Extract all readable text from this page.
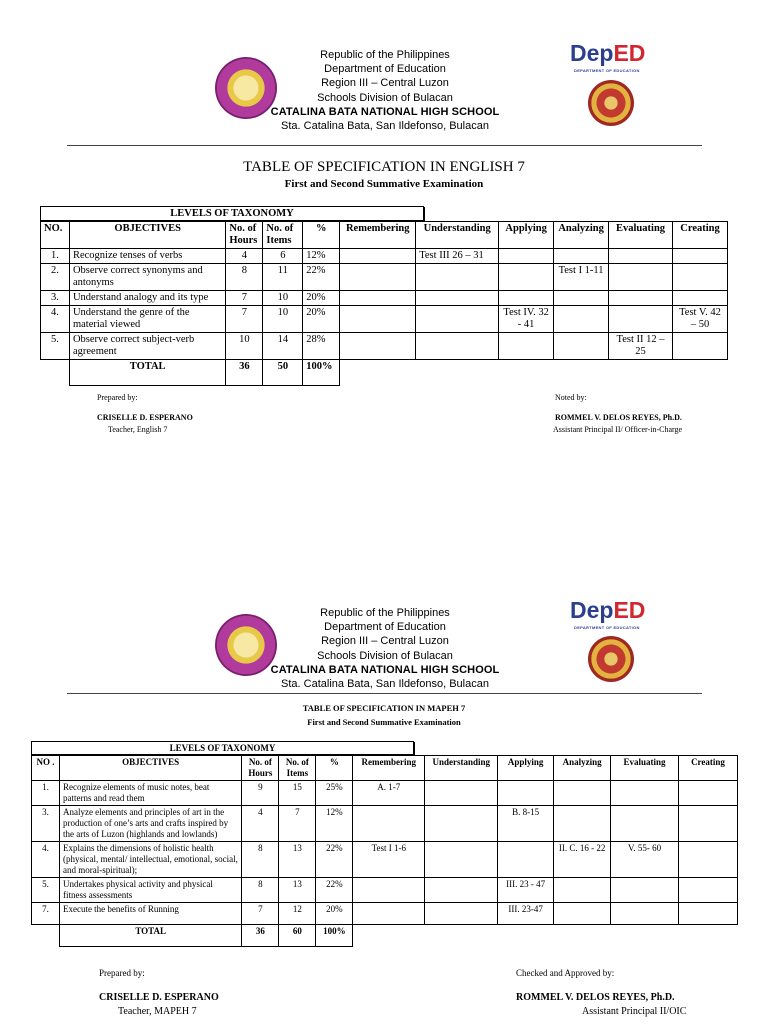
Republic of the Philippines
Department of Education
Region III – Central Luzon
Schools Division of Bulacan
CATALINA BATA NATIONAL HIGH SCHOOL
Sta. Catalina Bata, San Ildefonso, Bulacan
DepED
DEPARTMENT OF EDUCATION
TABLE OF SPECIFICATION IN ENGLISH 7
First and Second Summative Examination
LEVELS OF TAXONOMY
NO.	OBJECTIVES	No. of Hours	No. of Items	%	Remembering	Understanding	Applying	Analyzing	Evaluating	Creating
1.	Recognize tenses of verbs	4	6	12%		Test III 26 – 31				
2.	Observe correct synonyms and antonyms	8	11	22%				Test I 1-11		
3.	Understand analogy and its type	7	10	20%						
4.	Understand the genre of the material viewed	7	10	20%			Test IV. 32 - 41			Test V. 42 – 50
5.	Observe correct subject-verb agreement	10	14	28%					Test II 12 – 25	
	TOTAL	36	50	100%						
Prepared by:
CRISELLE D. ESPERANO
Teacher, English 7
Noted by:
ROMMEL V. DELOS REYES, Ph.D.
Assistant Principal II/ Officer-in-Charge
Republic of the Philippines
Department of Education
Region III – Central Luzon
Schools Division of Bulacan
CATALINA BATA NATIONAL HIGH SCHOOL
Sta. Catalina Bata, San Ildefonso, Bulacan
DepED
DEPARTMENT OF EDUCATION
TABLE OF SPECIFICATION IN MAPEH 7
First and Second Summative Examination
LEVELS OF TAXONOMY
NO .	OBJECTIVES	No. of Hours	No. of Items	%	Remembering	Understanding	Applying	Analyzing	Evaluating	Creating
1.	Recognize elements of music notes, beat patterns and read them	9	15	25%	A. 1-7					
3.	Analyze elements and principles of art in the production of one’s arts and crafts inspired by the arts of Luzon (highlands and lowlands)	4	7	12%			B. 8-15			
4.	Explains the dimensions of holistic health (physical, mental/ intellectual, emotional, social, and moral-spiritual);	8	13	22%	Test I 1-6			II. C. 16 - 22	V. 55- 60	
5.	Undertakes physical activity and physical fitness assessments	8	13	22%			III. 23 - 47			
7.	Execute the benefits of Running	7	12	20%			III. 23-47			
	TOTAL	36	60	100%						
Prepared by:
CRISELLE D. ESPERANO
Teacher, MAPEH 7
Checked and Approved by:
ROMMEL V. DELOS REYES, Ph.D.
Assistant Principal II/OIC
